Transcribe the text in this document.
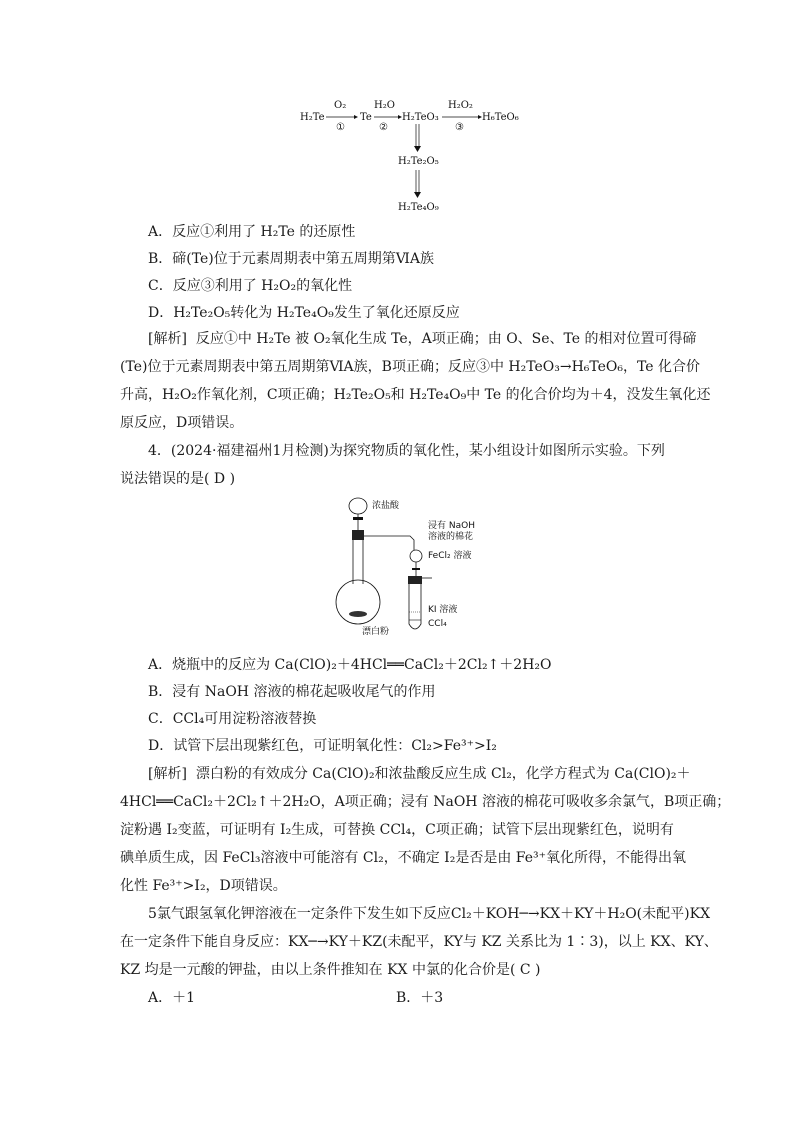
H₂Te
O₂
①
Te
H₂O
②
H₂TeO₃
H₂O₂
③
H₆TeO₆
H₂Te₂O₅
H₂Te₄O₉
A．反应①利用了 H₂Te 的还原性
B．碲(Te)位于元素周期表中第五周期第ⅥA族
C．反应③利用了 H₂O₂的氧化性
D．H₂Te₂O₅转化为 H₂Te₄O₉发生了氧化还原反应
[解析] 反应①中 H₂Te 被 O₂氧化生成 Te，A项正确；由 O、Se、Te 的相对位置可得碲
(Te)位于元素周期表中第五周期第ⅥA族，B项正确；反应③中 H₂TeO₃→H₆TeO₆，Te 化合价
升高，H₂O₂作氧化剂，C项正确；H₂Te₂O₅和 H₂Te₄O₉中 Te 的化合价均为＋4，没发生氧化还
原反应，D项错误。
4．(2024·福建福州1月检测)为探究物质的氧化性，某小组设计如图所示实验。下列
说法错误的是( D )
浓盐酸
漂白粉
浸有 NaOH
溶液的棉花
FeCl₂ 溶液
KI 溶液
CCl₄
A．烧瓶中的反应为 Ca(ClO)₂＋4HCl══CaCl₂＋2Cl₂↑＋2H₂O
B．浸有 NaOH 溶液的棉花起吸收尾气的作用
C．CCl₄可用淀粉溶液替换
D．试管下层出现紫红色，可证明氧化性：Cl₂>Fe³⁺>I₂
[解析] 漂白粉的有效成分 Ca(ClO)₂和浓盐酸反应生成 Cl₂，化学方程式为 Ca(ClO)₂＋
4HCl══CaCl₂＋2Cl₂↑＋2H₂O，A项正确；浸有 NaOH 溶液的棉花可吸收多余氯气，B项正确；
淀粉遇 I₂变蓝，可证明有 I₂生成，可替换 CCl₄，C项正确；试管下层出现紫红色，说明有
碘单质生成，因 FeCl₃溶液中可能溶有 Cl₂，不确定 I₂是否是由 Fe³⁺氧化所得，不能得出氧
化性 Fe³⁺>I₂，D项错误。
5氯气跟氢氧化钾溶液在一定条件下发生如下反应Cl₂＋KOH─→KX＋KY＋H₂O(未配平)KX
在一定条件下能自身反应：KX─→KY＋KZ(未配平，KY与 KZ 关系比为 1∶3)，以上 KX、KY、
KZ 均是一元酸的钾盐，由以上条件推知在 KX 中氯的化合价是( C )
A．＋1	B．＋3
